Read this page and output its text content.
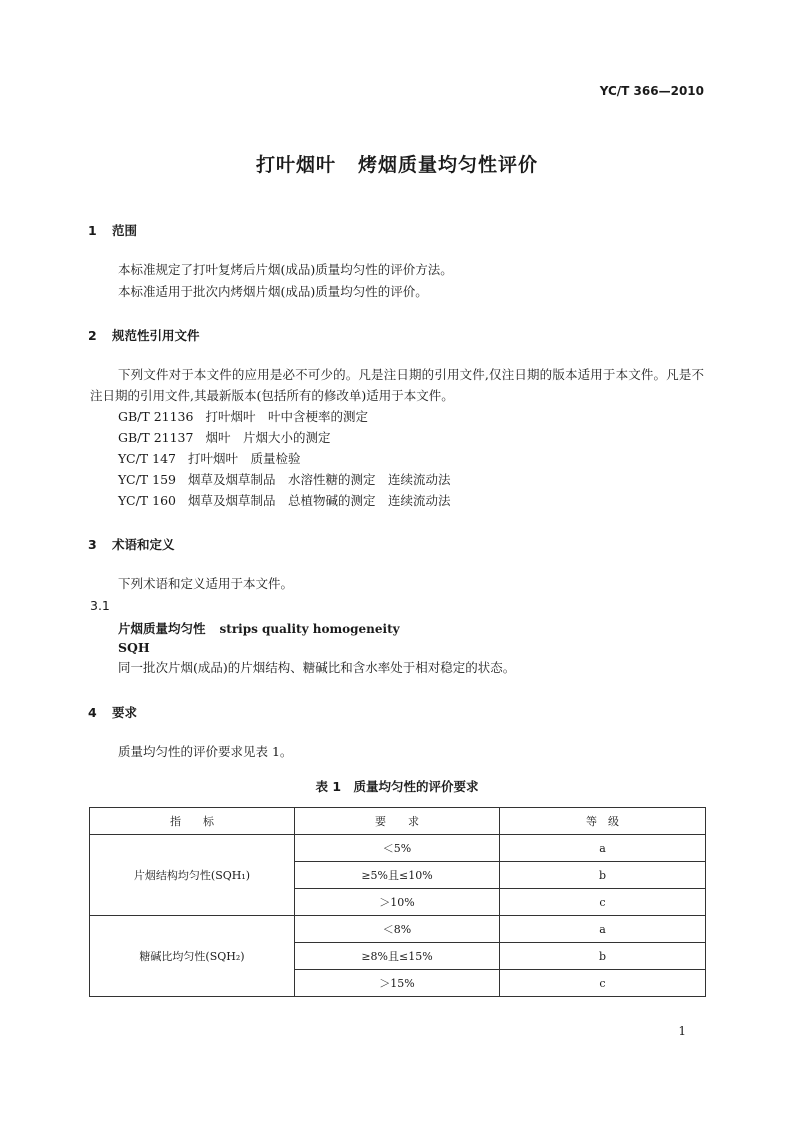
YC/T 366—2010
打叶烟叶 烤烟质量均匀性评价
1 范围
本标准规定了打叶复烤后片烟(成品)质量均匀性的评价方法。
本标准适用于批次内烤烟片烟(成品)质量均匀性的评价。
2 规范性引用文件
下列文件对于本文件的应用是必不可少的。凡是注日期的引用文件,仅注日期的版本适用于本文件。凡是不注日期的引用文件,其最新版本(包括所有的修改单)适用于本文件。
GB/T 21136 打叶烟叶　叶中含梗率的测定
GB/T 21137 烟叶　片烟大小的测定
YC/T 147 打叶烟叶　质量检验
YC/T 159 烟草及烟草制品　水溶性糖的测定　连续流动法
YC/T 160 烟草及烟草制品　总植物碱的测定　连续流动法
3 术语和定义
下列术语和定义适用于本文件。
3.1
片烟质量均匀性 strips quality homogeneity
SQH
同一批次片烟(成品)的片烟结构、糖碱比和含水率处于相对稳定的状态。
4 要求
质量均匀性的评价要求见表 1。
表 1　质量均匀性的评价要求
指　　标	要　　求	等　级
片烟结构均匀性(SQH₁)	＜5%	a
	≥5%且≤10%	b
	＞10%	c
糖碱比均匀性(SQH₂)	＜8%	a
	≥8%且≤15%	b
	＞15%	c
1
